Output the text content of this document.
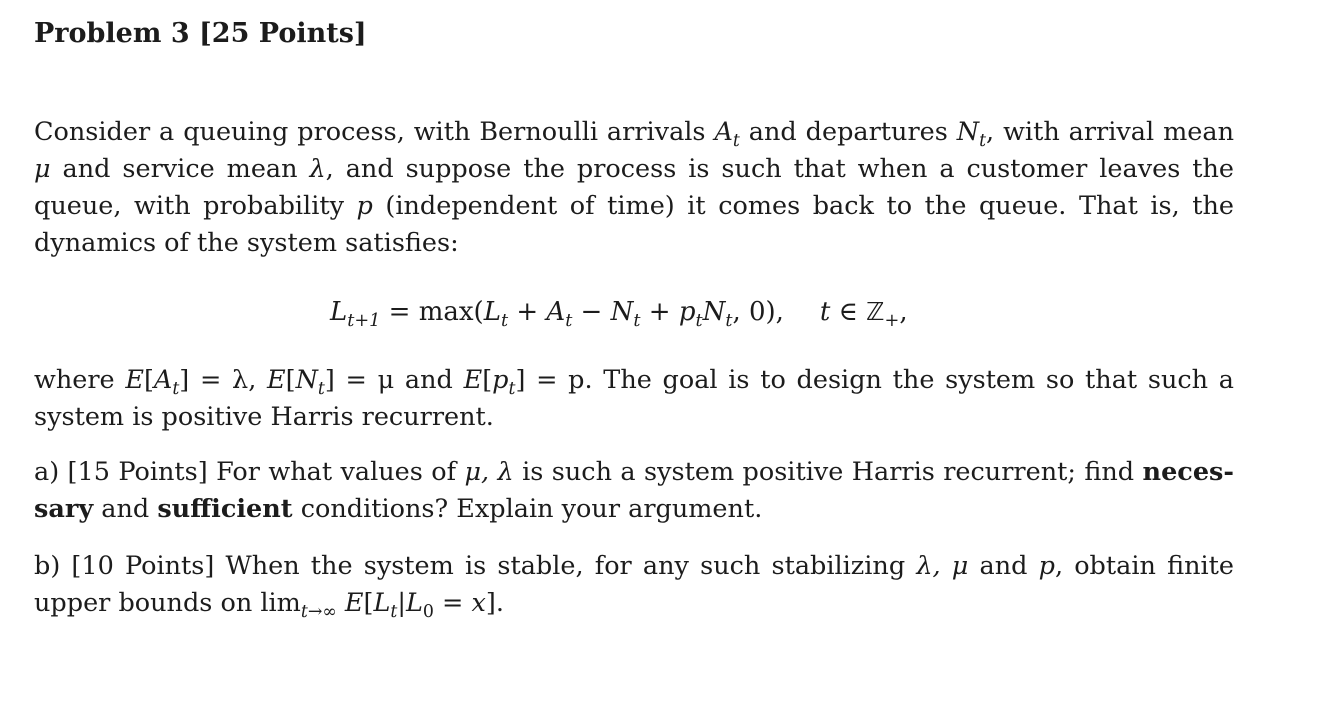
Problem 3 [25 Points]

Consider a queuing process, with Bernoulli arrivals $A_t$ and departures $N_t$, with arrival mean μ and service mean λ, and suppose the process is such that when a customer leaves the queue, with probability p (independent of time) it comes back to the queue. That is, the dynamics of the system satisfies:

$L_{t+1} = \max(L_t + A_t - N_t + p_tN_t$, 0), t ∈ ℤ$_+$,

where $E[A_t] = \lambda$, $E[N_t] = \mu$ and $E[p_t] = p$. The goal is to design the system so that such a system is positive Harris recurrent.

a) [15 Points] For what values of μ, λ is such a system positive Harris recurrent; find necessary and sufficient conditions? Explain your argument.

b) [10 Points] When the system is stable, for any such stabilizing λ, μ and p, obtain finite upper bounds on $\lim_{t\to\infty} E[L_t|L_0 = x]$.
